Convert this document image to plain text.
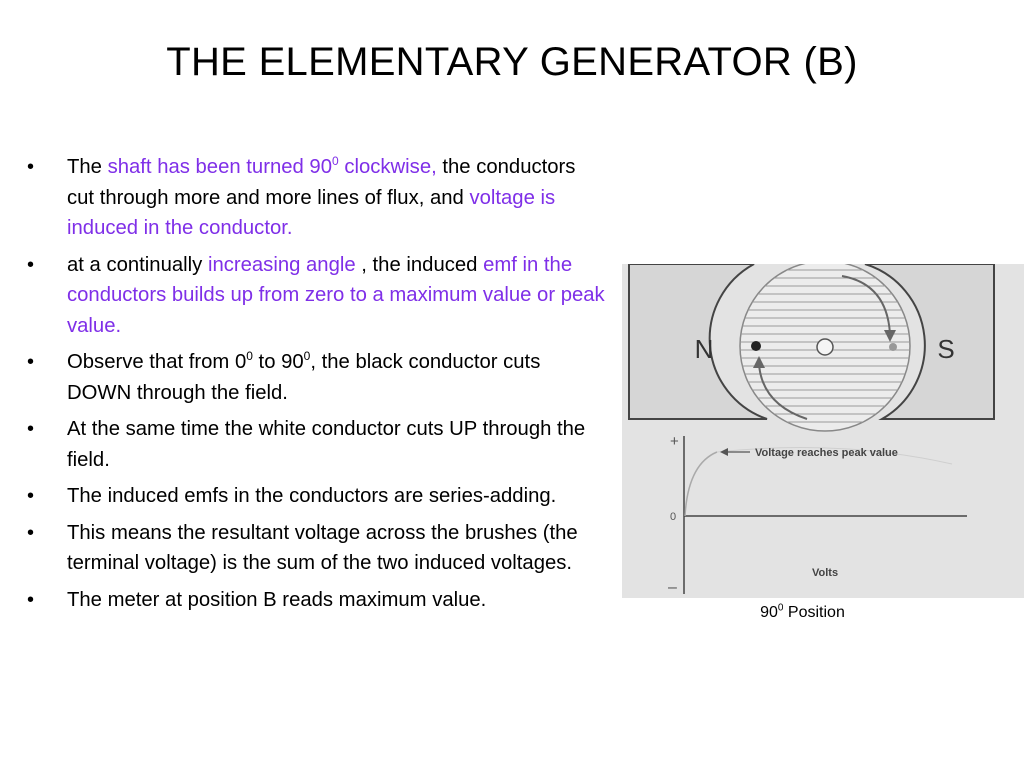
THE ELEMENTARY GENERATOR (B)
• The shaft has been turned $90^0$ clockwise, the conductors cut through more and more lines of flux, and voltage is induced in the conductor.
• at a continually increasing angle , the induced emf in the conductors builds up from zero to a maximum value or peak value.
• Observe that from $0^0$ to $90^0$, the black conductor cuts DOWN through the field.
• At the same time the white conductor cuts UP through the field.
• The induced emfs in the conductors are series-adding.
• This means the resultant voltage across the brushes (the terminal voltage) is the sum of the two induced voltages.
• The meter at position B reads maximum value.
N	S
+
0
–
Voltage reaches peak value
Volts
$90^0$ Position
